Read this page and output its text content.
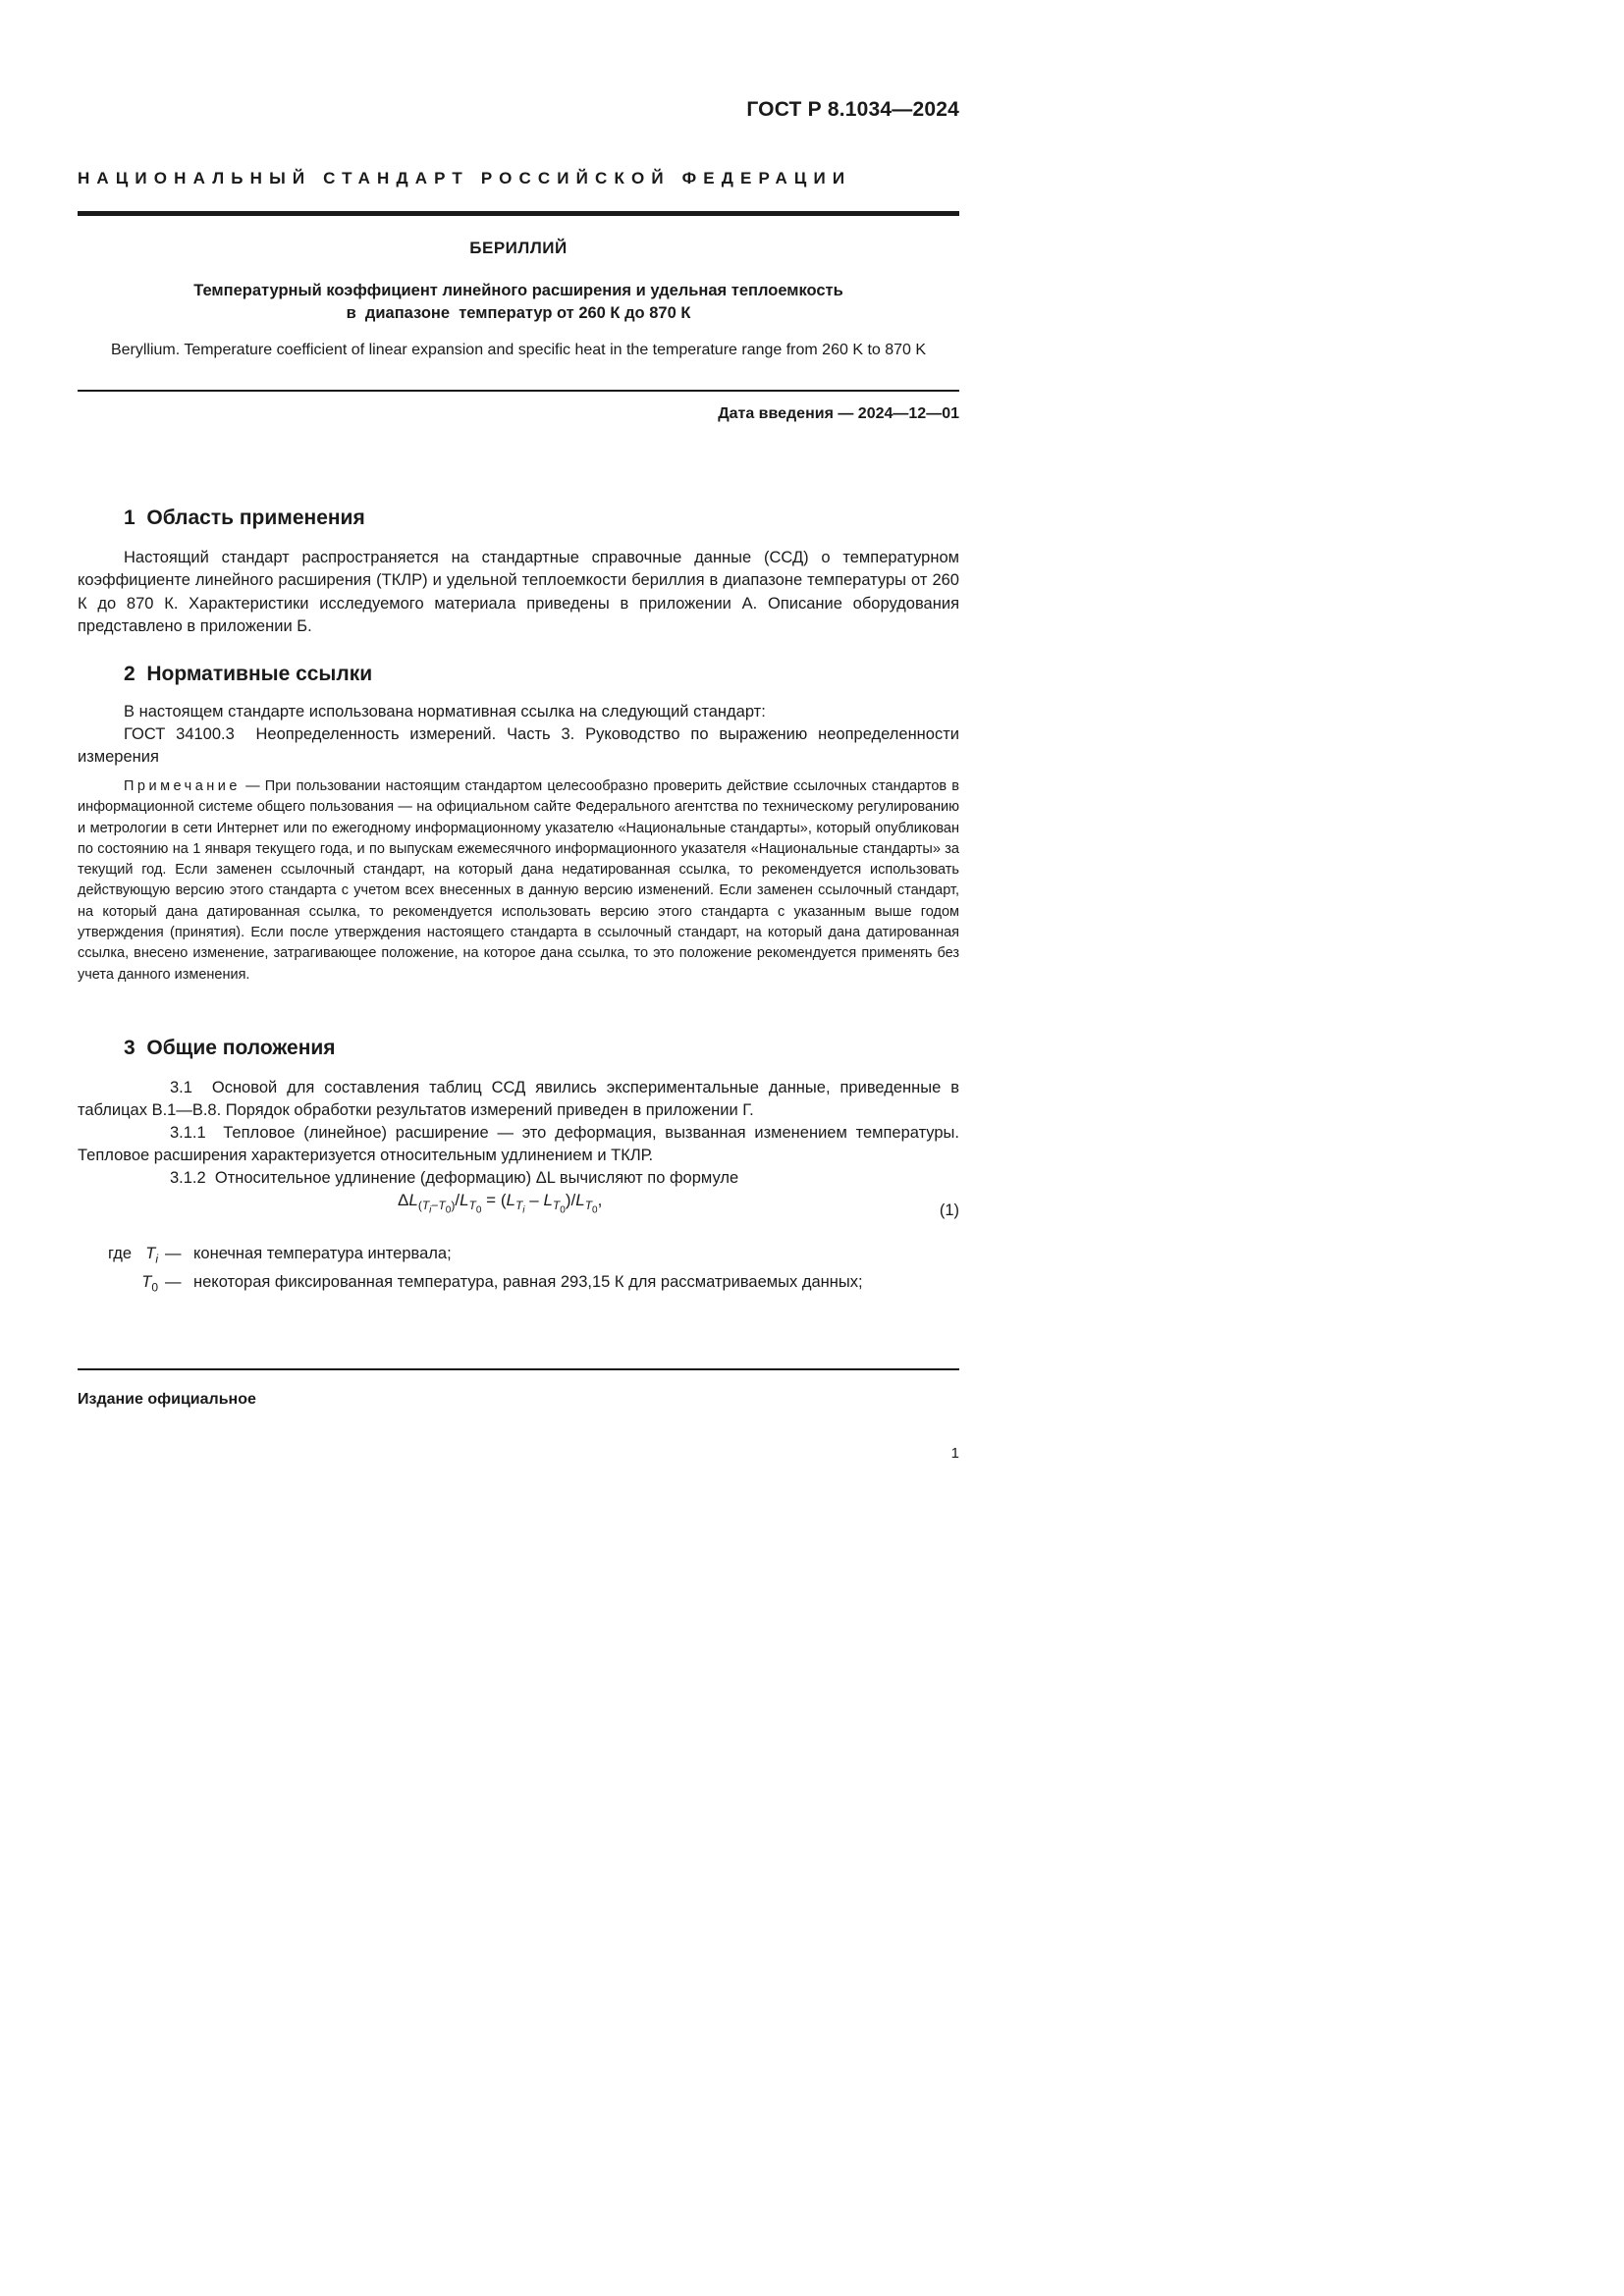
ГОСТ Р 8.1034—2024
НАЦИОНАЛЬНЫЙ СТАНДАРТ РОССИЙСКОЙ ФЕДЕРАЦИИ
БЕРИЛЛИЙ
Температурный коэффициент линейного расширения и удельная теплоемкость
в  диапазоне  температур от 260 К до 870 К
Beryllium. Temperature coefficient of linear expansion and specific heat in the temperature range from 260 K to 870 K
Дата введения — 2024—12—01
1 Область применения
Настоящий стандарт распространяется на стандартные справочные данные (ССД) о температурном коэффициенте линейного расширения (ТКЛР) и удельной теплоемкости бериллия в диапазоне температуры от 260 К до 870 К. Характеристики исследуемого материала приведены в приложении А. Описание оборудования представлено в приложении Б.
2 Нормативные ссылки
В настоящем стандарте использована нормативная ссылка на следующий стандарт:
ГОСТ 34100.3  Неопределенность измерений. Часть 3. Руководство по выражению неопределенности измерения
Примечание — При пользовании настоящим стандартом целесообразно проверить действие ссылочных стандартов в информационной системе общего пользования — на официальном сайте Федерального агентства по техническому регулированию и метрологии в сети Интернет или по ежегодному информационному указателю «Национальные стандарты», который опубликован по состоянию на 1 января текущего года, и по выпускам ежемесячного информационного указателя «Национальные стандарты» за текущий год. Если заменен ссылочный стандарт, на который дана недатированная ссылка, то рекомендуется использовать действующую версию этого стандарта с учетом всех внесенных в данную версию изменений. Если заменен ссылочный стандарт, на который дана датированная ссылка, то рекомендуется использовать версию этого стандарта с указанным выше годом утверждения (принятия). Если после утверждения настоящего стандарта в ссылочный стандарт, на который дана датированная ссылка, внесено изменение, затрагивающее положение, на которое дана ссылка, то это положение рекомендуется применять без учета данного изменения.
3 Общие положения
3.1 Основой для составления таблиц ССД явились экспериментальные данные, приведенные в таблицах В.1—В.8. Порядок обработки результатов измерений приведен в приложении Г.
3.1.1 Тепловое (линейное) расширение — это деформация, вызванная изменением температуры. Тепловое расширения характеризуется относительным удлинением и ТКЛР.
3.1.2 Относительное удлинение (деформацию) ΔL вычисляют по формуле
$\Delta L_{(T_i-T_0)}/L_{T_0} = (L_{T_i} - L_{T_0})/L_{T_0}$,
(1)
где $T_i$ — конечная температура интервала;
$T_0$ — некоторая фиксированная температура, равная 293,15 К для рассматриваемых данных;
Издание официальное
1
